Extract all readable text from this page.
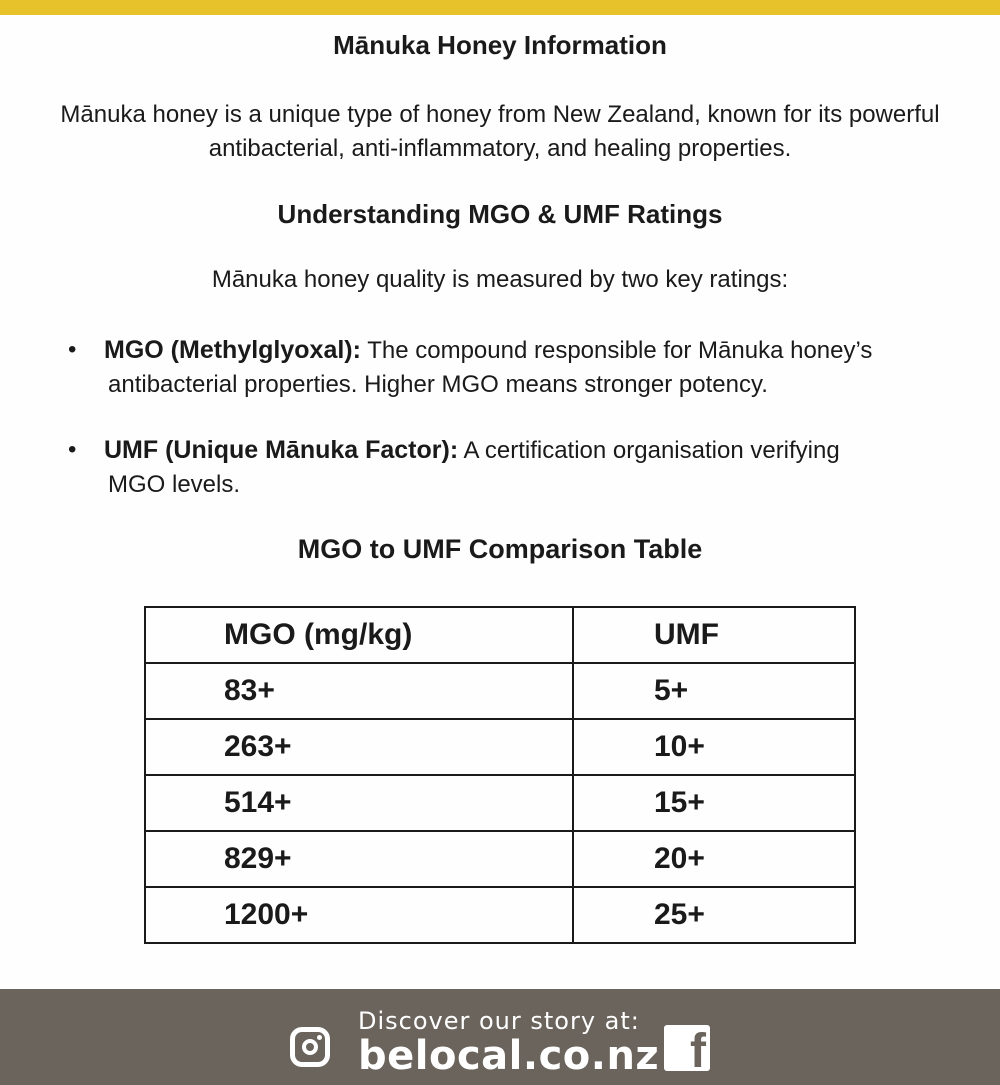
Mānuka Honey Information
Mānuka honey is a unique type of honey from New Zealand, known for its powerful antibacterial, anti-inflammatory, and healing properties.
Understanding MGO & UMF Ratings
Mānuka honey quality is measured by two key ratings:
• MGO (Methylglyoxal): The compound responsible for Mānuka honey’s
antibacterial properties. Higher MGO means stronger potency.
• UMF (Unique Mānuka Factor): A certification organisation verifying
MGO levels.
MGO to UMF Comparison Table
MGO (mg/kg)	UMF
83+	5+
263+	10+
514+	15+
829+	20+
1200+	25+
Discover our story at:
belocal.co.nz f
